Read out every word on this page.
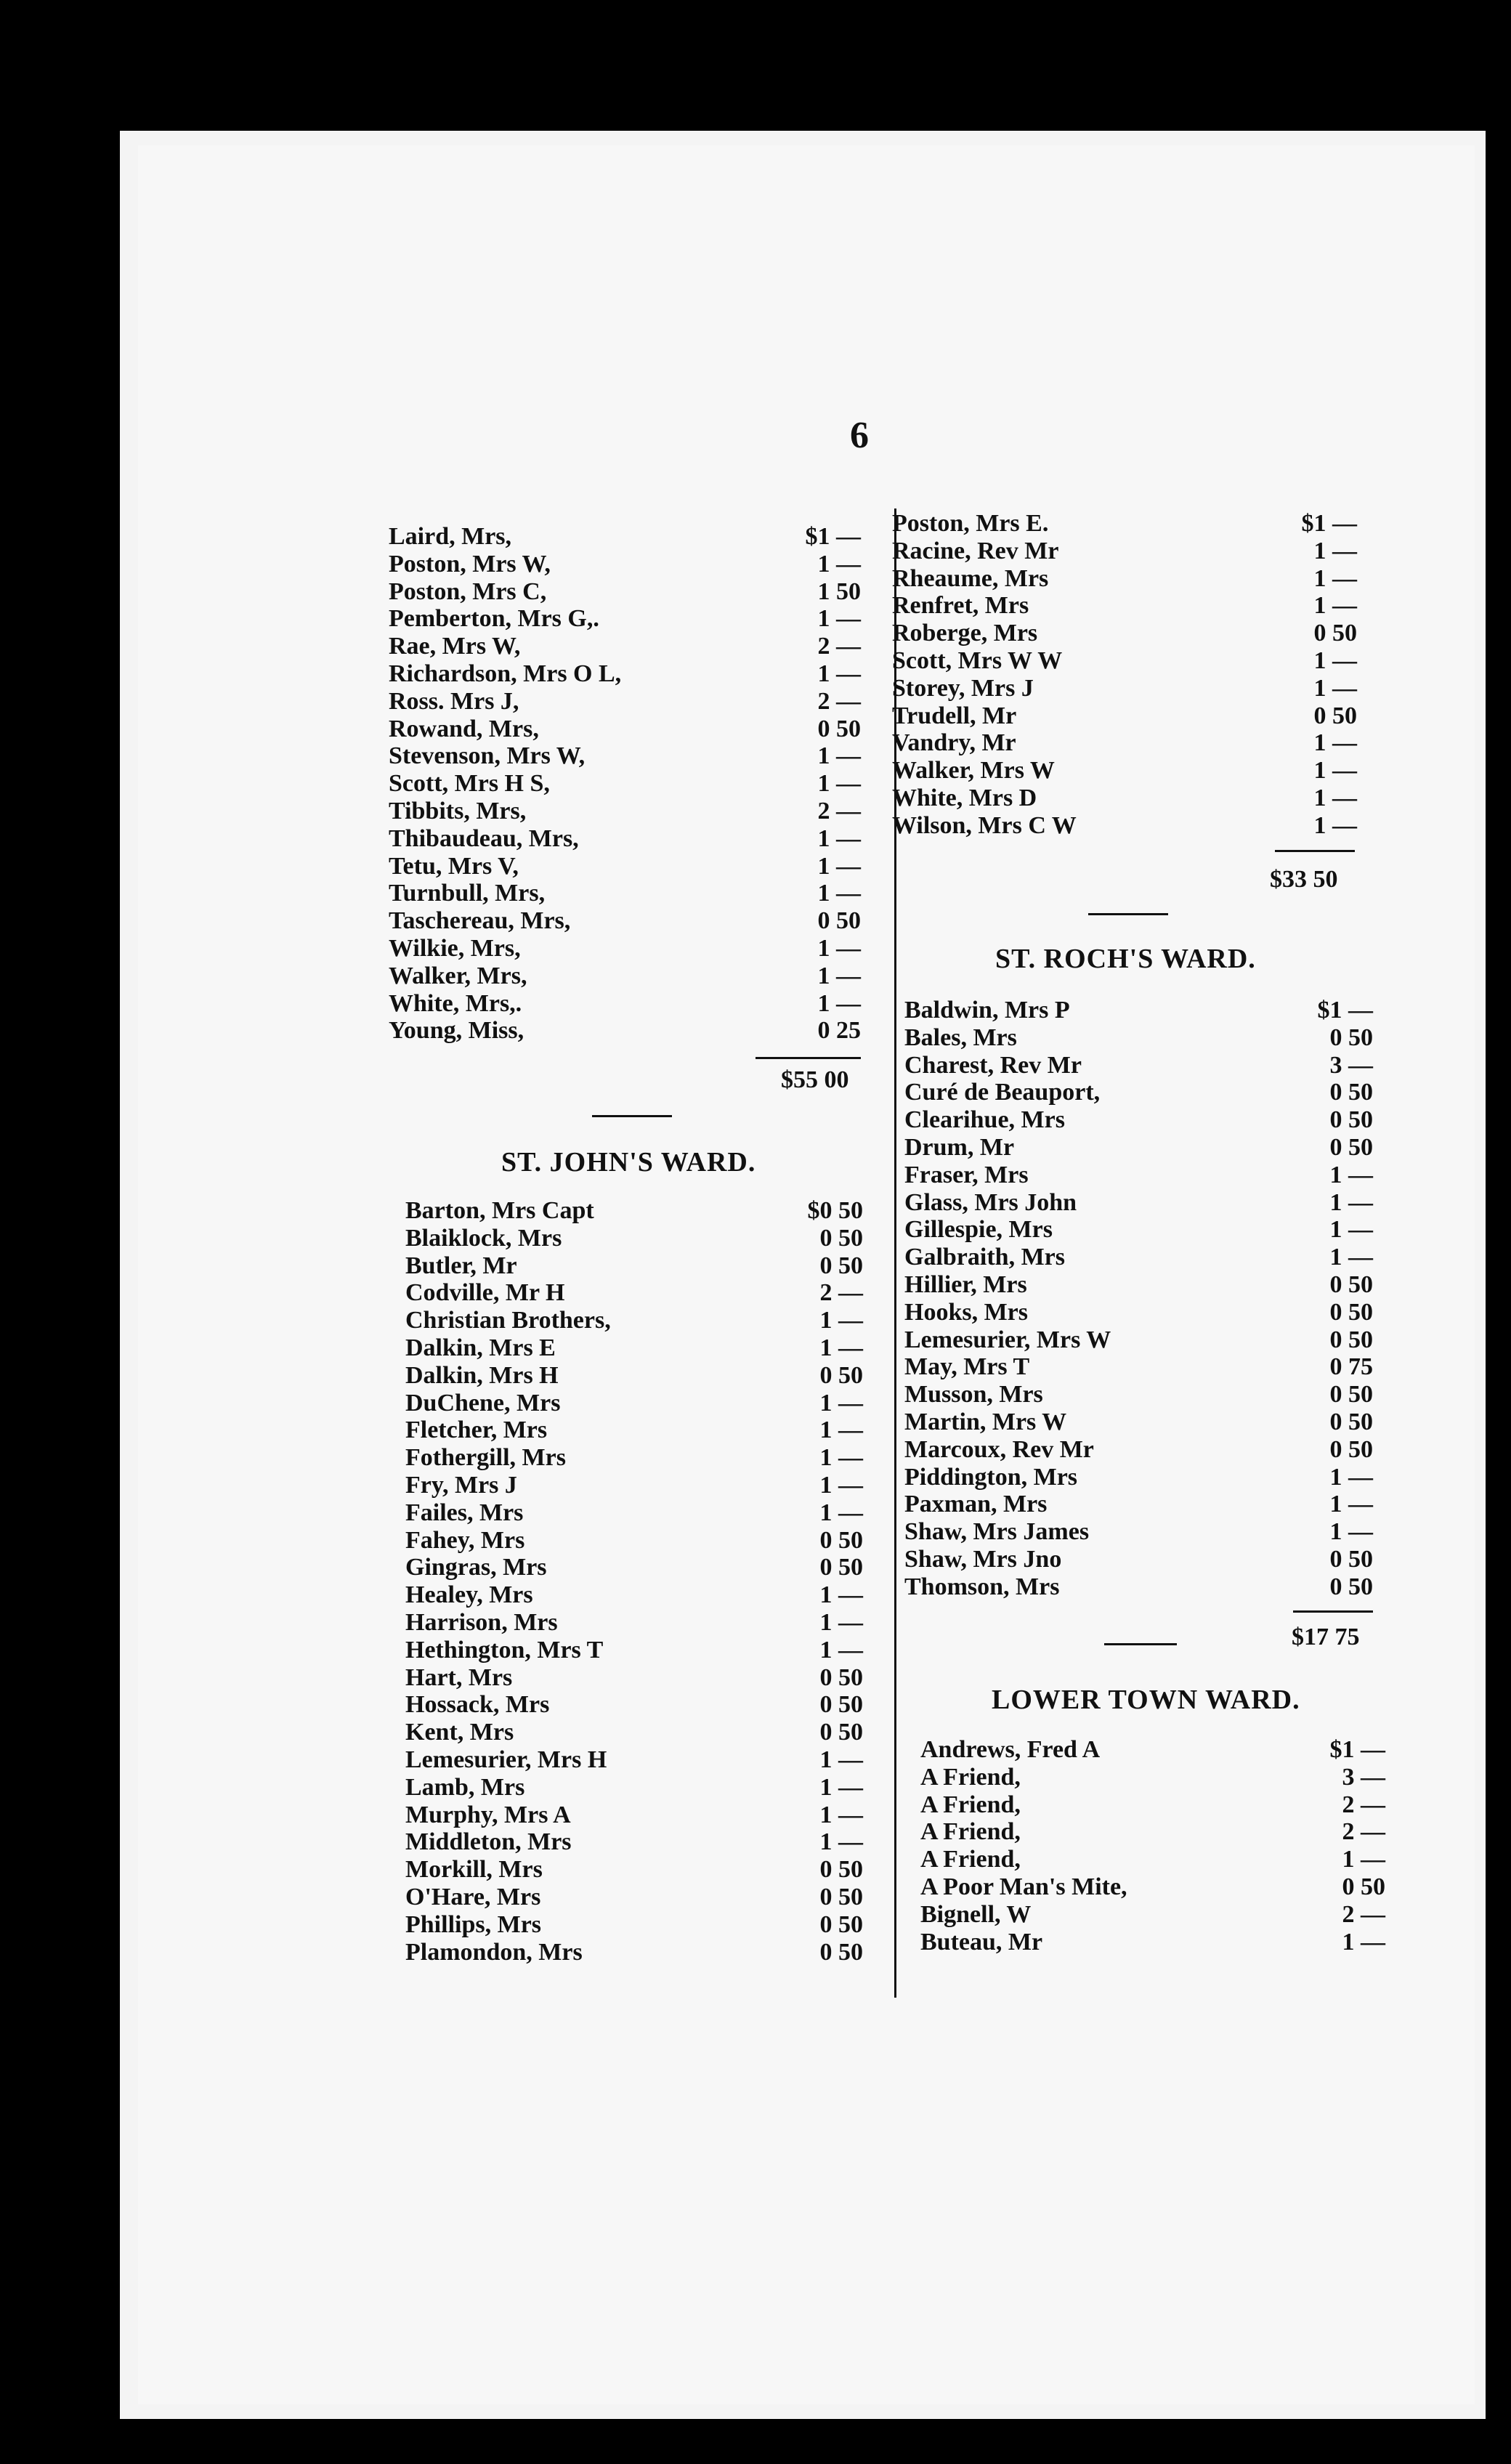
6
Laird, Mrs,	$1 —
Poston, Mrs W,	1 —
Poston, Mrs C,	1 50
Pemberton, Mrs G,.	1 —
Rae, Mrs W,	2 —
Richardson, Mrs O L,	1 —
Ross. Mrs J,	2 —
Rowand, Mrs,	0 50
Stevenson, Mrs W,	1 —
Scott, Mrs H S,	1 —
Tibbits, Mrs,	2 —
Thibaudeau, Mrs,	1 —
Tetu, Mrs V,	1 —
Turnbull, Mrs,	1 —
Taschereau, Mrs,	0 50
Wilkie, Mrs,	1 —
Walker, Mrs,	1 —
White, Mrs,.	1 —
Young, Miss,	0 25
$55 00
ST. JOHN'S WARD.
Barton, Mrs Capt	$0 50
Blaiklock, Mrs	0 50
Butler, Mr	0 50
Codville, Mr H	2 —
Christian Brothers,	1 —
Dalkin, Mrs E	1 —
Dalkin, Mrs H	0 50
DuChene, Mrs	1 —
Fletcher, Mrs	1 —
Fothergill, Mrs	1 —
Fry, Mrs J	1 —
Failes, Mrs	1 —
Fahey, Mrs	0 50
Gingras, Mrs	0 50
Healey, Mrs	1 —
Harrison, Mrs	1 —
Hethington, Mrs T	1 —
Hart, Mrs	0 50
Hossack, Mrs	0 50
Kent, Mrs	0 50
Lemesurier, Mrs H	1 —
Lamb, Mrs	1 —
Murphy, Mrs A	1 —
Middleton, Mrs	1 —
Morkill, Mrs	0 50
O'Hare, Mrs	0 50
Phillips, Mrs	0 50
Plamondon, Mrs	0 50
Poston, Mrs E.	$1 —
Racine, Rev Mr	1 —
Rheaume, Mrs	1 —
Renfret, Mrs	1 —
Roberge, Mrs	0 50
Scott, Mrs W W	1 —
Storey, Mrs J	1 —
Trudell, Mr	0 50
Vandry, Mr	1 —
Walker, Mrs W	1 —
White, Mrs D	1 —
Wilson, Mrs C W	1 —
$33 50
ST. ROCH'S WARD.
Baldwin, Mrs P	$1 —
Bales, Mrs	0 50
Charest, Rev Mr	3 —
Curé de Beauport,	0 50
Clearihue, Mrs	0 50
Drum, Mr	0 50
Fraser, Mrs	1 —
Glass, Mrs John	1 —
Gillespie, Mrs	1 —
Galbraith, Mrs	1 —
Hillier, Mrs	0 50
Hooks, Mrs	0 50
Lemesurier, Mrs W	0 50
May, Mrs T	0 75
Musson, Mrs	0 50
Martin, Mrs W	0 50
Marcoux, Rev Mr	0 50
Piddington, Mrs	1 —
Paxman, Mrs	1 —
Shaw, Mrs James	1 —
Shaw, Mrs Jno	0 50
Thomson, Mrs	0 50
$17 75
LOWER TOWN WARD.
Andrews, Fred A	$1 —
A Friend,	3 —
A Friend,	2 —
A Friend,	2 —
A Friend,	1 —
A Poor Man's Mite,	0 50
Bignell, W	2 —
Buteau, Mr	1 —
